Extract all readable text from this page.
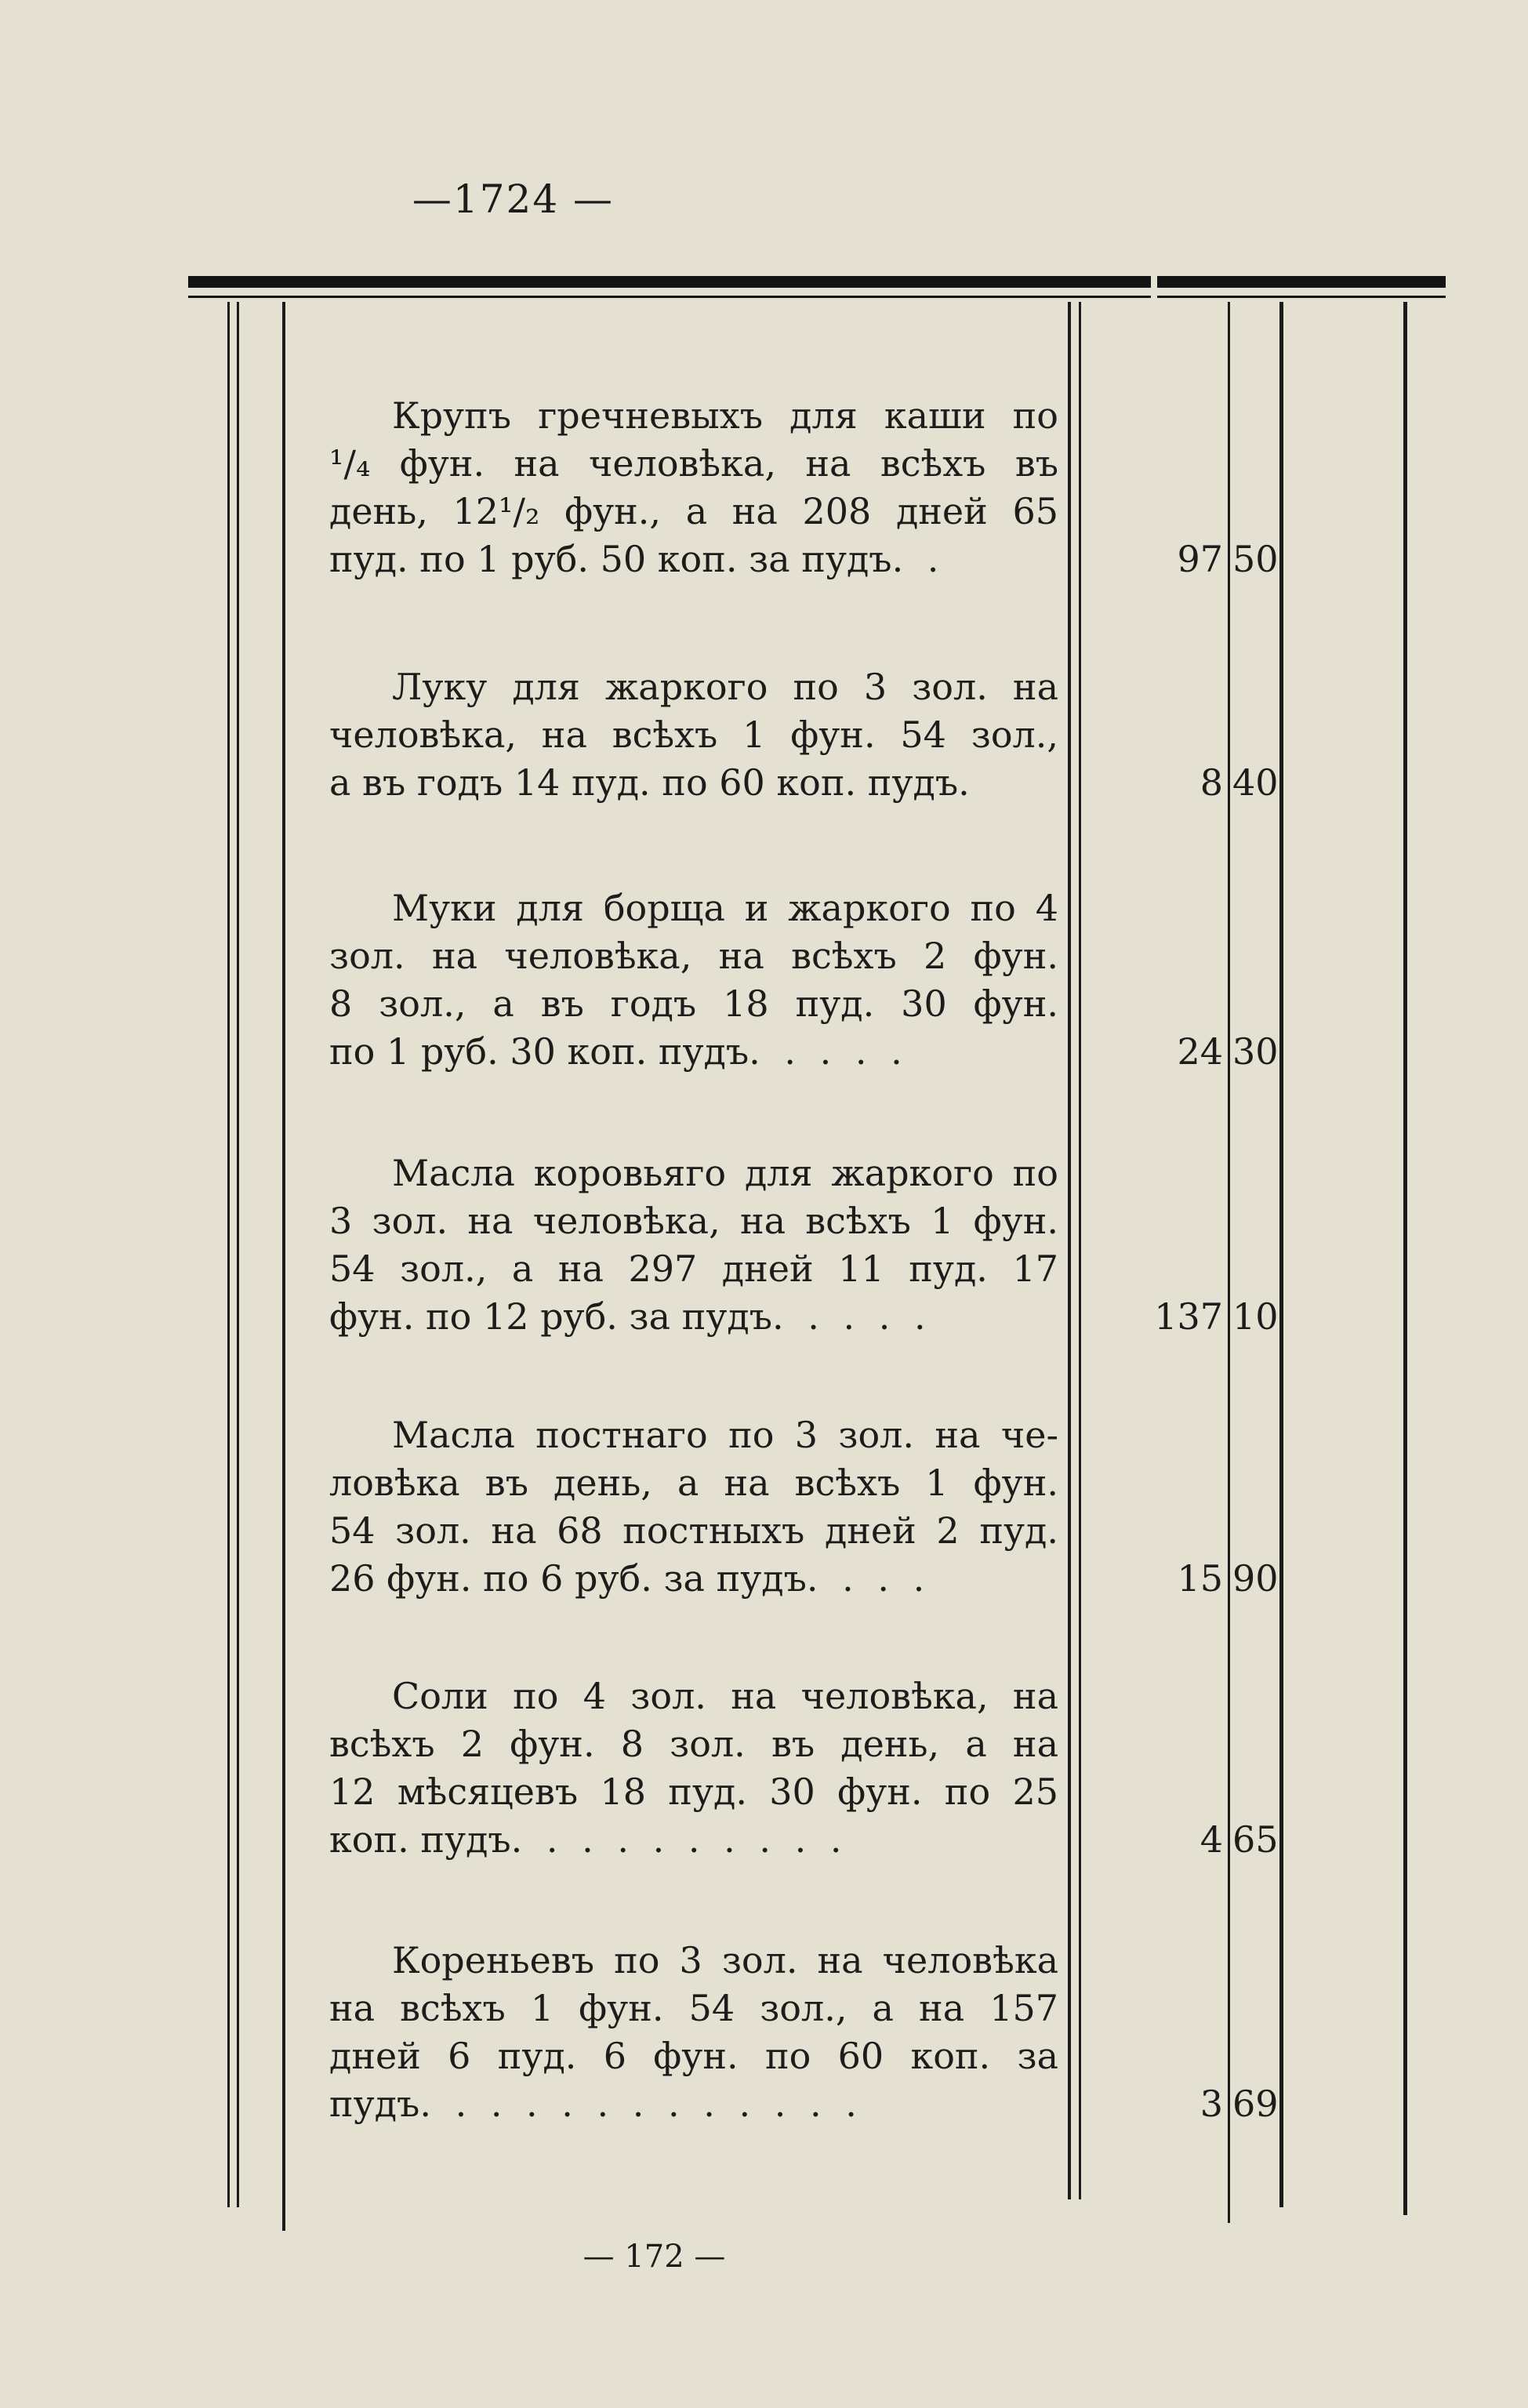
—1724 —
Крупъ гречневыхъ для каши по
¹/₄ фун. на человѣка, на всѣхъ въ
день, 12¹/₂ фун., а на 208 дней 65
пуд. по 1 руб. 50 коп. за пудъ . .	97 50
Луку для жаркого по 3 зол. на
человѣка, на всѣхъ 1 фун. 54 зол.,
а въ годъ 14 пуд. по 60 коп. пудъ.	8 40
Муки для борща и жаркого по 4
зол. на человѣка, на всѣхъ 2 фун.
8 зол., а въ годъ 18 пуд. 30 фун.
по 1 руб. 30 коп. пудъ . . . . .	24 30
Масла коровьяго для жаркого по
3 зол. на человѣка, на всѣхъ 1 фун.
54 зол., а на 297 дней 11 пуд. 17
фун. по 12 руб. за пудъ . . . . .	137 10
Масла постнаго по 3 зол. на че-
ловѣка въ день, а на всѣхъ 1 фун.
54 зол. на 68 постныхъ дней 2 пуд.
26 фун. по 6 руб. за пудъ . . . .	15 90
Соли по 4 зол. на человѣка, на
всѣхъ 2 фун. 8 зол. въ день, а на
12 мѣсяцевъ 18 пуд. 30 фун. по 25
коп. пудъ . . . . . . . . . .	4 65
Кореньевъ по 3 зол. на человѣка
на всѣхъ 1 фун. 54 зол., а на 157
дней 6 пуд. 6 фун. по 60 коп. за
пудъ . . . . . . . . . . . . .	3 69
— 172 —
